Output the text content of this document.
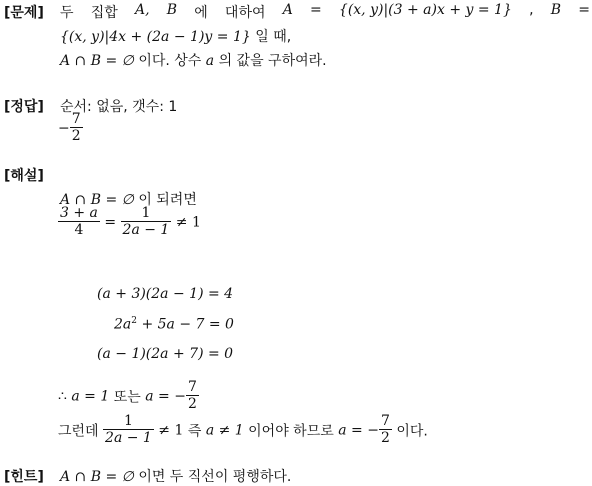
[문제] 두 집합 A, B 에 대하여 A = {(x, y)|(3 + a)x + y = 1} , B =
{(x, y)|4x + (2a − 1)y = 1} 일 때,
A ∩ B = ∅ 이다. 상수 a 의 값을 구하여라.
[정답] 순서: 없음, 갯수: 1
− $\frac{7}{2}$
[해설]
A ∩ B = ∅ 이 되려면
$\frac{3 + a}{4} = \frac{1}{2a - 1} \ne 1$
(a + 3)(2a − 1) = 4
$2a^2 + 5a - 7 = 0$
(a − 1)(2a + 7) = 0
∴ a = 1 또는 a = − $\frac{7}{2}$
그런데 $\frac{1}{2a - 1} \ne 1$ 즉 a ≠ 1 이어야 하므로 a = − $\frac{7}{2}$ 이다.
[힌트] A ∩ B = ∅ 이면 두 직선이 평행하다.
